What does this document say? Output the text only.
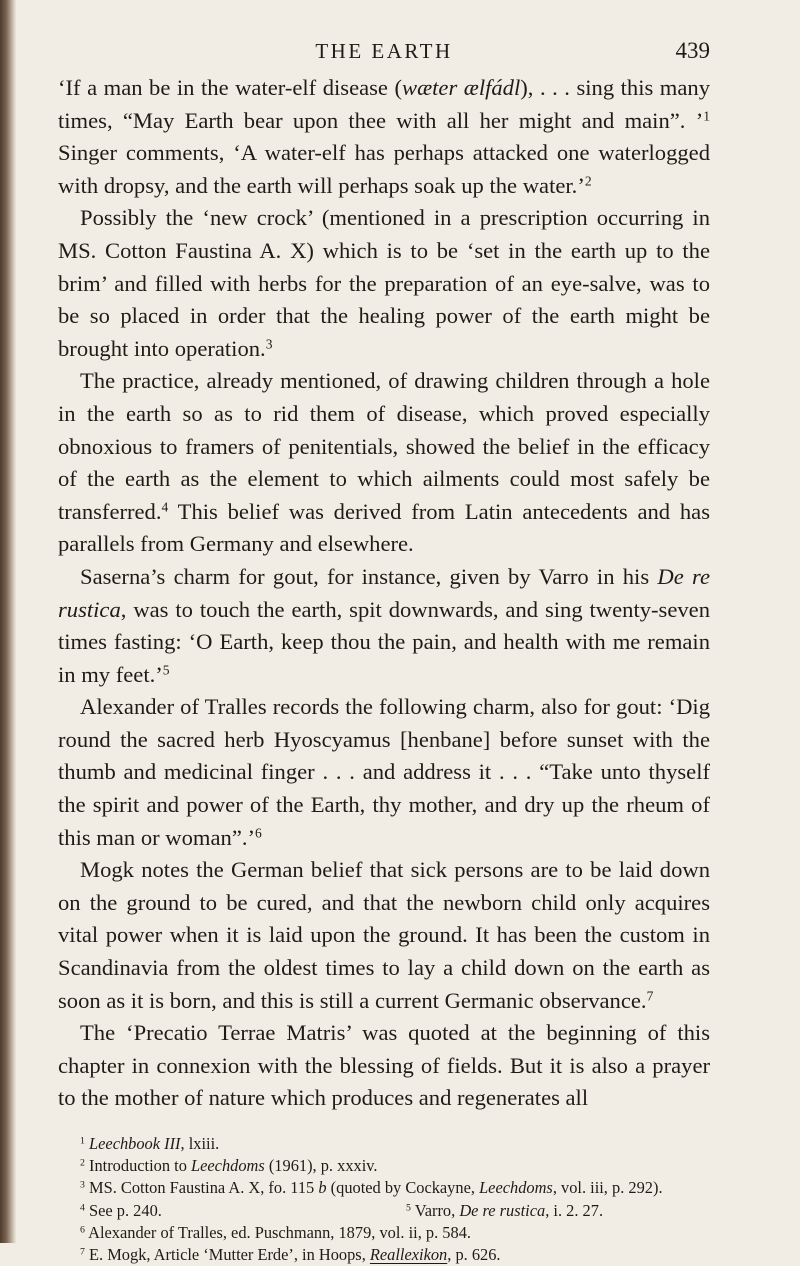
THE EARTH	439

‘If a man be in the water-elf disease (wæter ælfádl), . . . sing this many times, “May Earth bear upon thee with all her might and main”. ’$^1$ Singer comments, ‘A water-elf has perhaps attacked one waterlogged with dropsy, and the earth will perhaps soak up the water.’$^2$

Possibly the ‘new crock’ (mentioned in a prescription occurring in MS. Cotton Faustina A. X) which is to be ‘set in the earth up to the brim’ and filled with herbs for the preparation of an eye-salve, was to be so placed in order that the healing power of the earth might be brought into operation.$^3$

The practice, already mentioned, of drawing children through a hole in the earth so as to rid them of disease, which proved especially obnoxious to framers of penitentials, showed the belief in the efficacy of the earth as the element to which ailments could most safely be transferred.$^4$ This belief was derived from Latin antecedents and has parallels from Germany and elsewhere.

Saserna’s charm for gout, for instance, given by Varro in his De re rustica, was to touch the earth, spit downwards, and sing twenty-seven times fasting: ‘O Earth, keep thou the pain, and health with me remain in my feet.’$^5$

Alexander of Tralles records the following charm, also for gout: ‘Dig round the sacred herb Hyoscyamus [henbane] before sunset with the thumb and medicinal finger . . . and address it . . . “Take unto thyself the spirit and power of the Earth, thy mother, and dry up the rheum of this man or woman”.’$^6$

Mogk notes the German belief that sick persons are to be laid down on the ground to be cured, and that the newborn child only acquires vital power when it is laid upon the ground. It has been the custom in Scandinavia from the oldest times to lay a child down on the earth as soon as it is born, and this is still a current Germanic observance.$^7$

The ‘Precatio Terrae Matris’ was quoted at the beginning of this chapter in connexion with the blessing of fields. But it is also a prayer to the mother of nature which produces and regenerates all

$^1$ Leechbook III, lxiii.
$^2$ Introduction to Leechdoms (1961), p. xxxiv.
$^3$ MS. Cotton Faustina A. X, fo. 115 b (quoted by Cockayne, Leechdoms, vol. iii, p. 292).
$^4$ See p. 240.	$^5$ Varro, De re rustica, i. 2. 27.
$^6$ Alexander of Tralles, ed. Puschmann, 1879, vol. ii, p. 584.
$^7$ E. Mogk, Article ‘Mutter Erde’, in Hoops, Reallexikon, p. 626.
